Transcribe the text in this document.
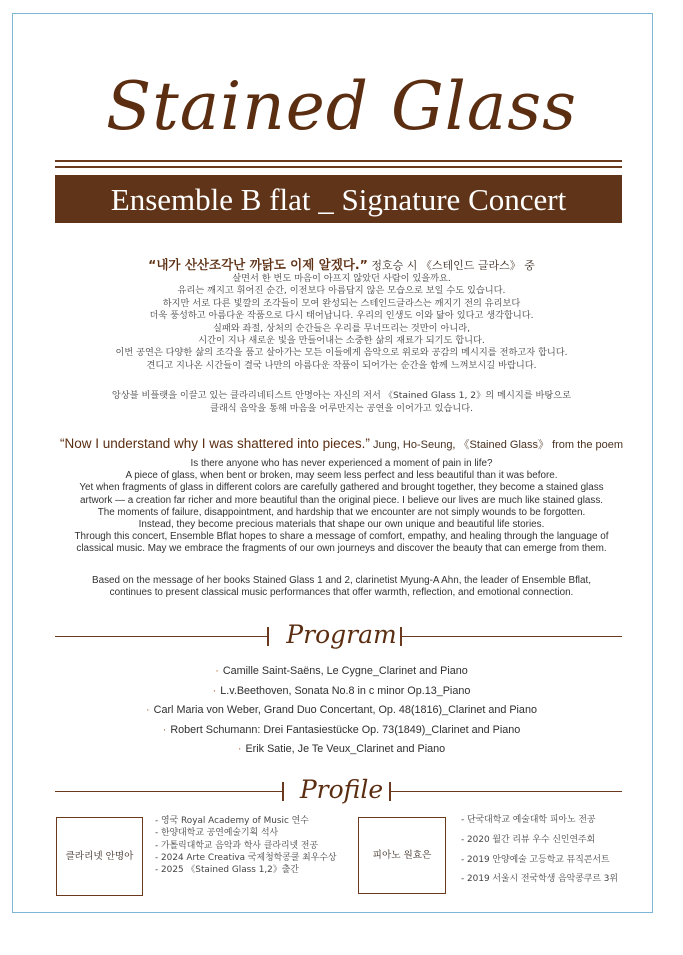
Stained Glass
Ensemble B flat _ Signature Concert
“내가 산산조각난 까닭도 이제 알겠다.” 정호승 시 《스테인드 글라스》 중
살면서 한 번도 마음이 아프지 않았던 사람이 있을까요.
유리는 깨지고 휘어진 순간, 이전보다 아름답지 않은 모습으로 보일 수도 있습니다.
하지만 서로 다른 빛깔의 조각들이 모여 완성되는 스테인드글라스는 깨지기 전의 유리보다
더욱 풍성하고 아름다운 작품으로 다시 태어납니다. 우리의 인생도 이와 닮아 있다고 생각합니다.
실패와 좌절, 상처의 순간들은 우리를 무너뜨리는 것만이 아니라,
시간이 지나 새로운 빛을 만들어내는 소중한 삶의 재료가 되기도 합니다.
이번 공연은 다양한 삶의 조각을 품고 살아가는 모든 이들에게 음악으로 위로와 공감의 메시지를 전하고자 합니다.
견디고 지나온 시간들이 결국 나만의 아름다운 작품이 되어가는 순간을 함께 느껴보시길 바랍니다.
앙상블 비플랫을 이끌고 있는 클라리네티스트 안명아는 자신의 저서 《Stained Glass 1, 2》의 메시지를 바탕으로
클래식 음악을 통해 마음을 어루만지는 공연을 이어가고 있습니다.
“Now I understand why I was shattered into pieces.” Jung, Ho-Seung, 《Stained Glass》 from the poem
Is there anyone who has never experienced a moment of pain in life?
A piece of glass, when bent or broken, may seem less perfect and less beautiful than it was before.
Yet when fragments of glass in different colors are carefully gathered and brought together, they become a stained glass
artwork — a creation far richer and more beautiful than the original piece. I believe our lives are much like stained glass.
The moments of failure, disappointment, and hardship that we encounter are not simply wounds to be forgotten.
Instead, they become precious materials that shape our own unique and beautiful life stories.
Through this concert, Ensemble Bflat hopes to share a message of comfort, empathy, and healing through the language of
classical music. May we embrace the fragments of our own journeys and discover the beauty that can emerge from them.
Based on the message of her books Stained Glass 1 and 2, clarinetist Myung-A Ahn, the leader of Ensemble Bflat,
continues to present classical music performances that offer warmth, reflection, and emotional connection.
Program
· Camille Saint-Saëns, Le Cygne_Clarinet and Piano
· L.v.Beethoven, Sonata No.8 in c minor Op.13_Piano
· Carl Maria von Weber, Grand Duo Concertant, Op. 48(1816)_Clarinet and Piano
· Robert Schumann: Drei Fantasiestücke Op. 73(1849)_Clarinet and Piano
· Erik Satie, Je Te Veux_Clarinet and Piano
Profile
클라리넷 안명아
- 영국 Royal Academy of Music 연수
- 한양대학교 공연예술기획 석사
- 가톨릭대학교 음악과 학사 클라리넷 전공
- 2024 Arte Creativa 국제청학콩쿨 최우수상
- 2025 《Stained Glass 1,2》출간
피아노 원효은
- 단국대학교 예술대학 피아노 전공
- 2020 월간 리뷰 우수 신인연주회
- 2019 안양예술 고등학교 뮤직콘서트
- 2019 서울시 전국학생 음악콩쿠르 3위
